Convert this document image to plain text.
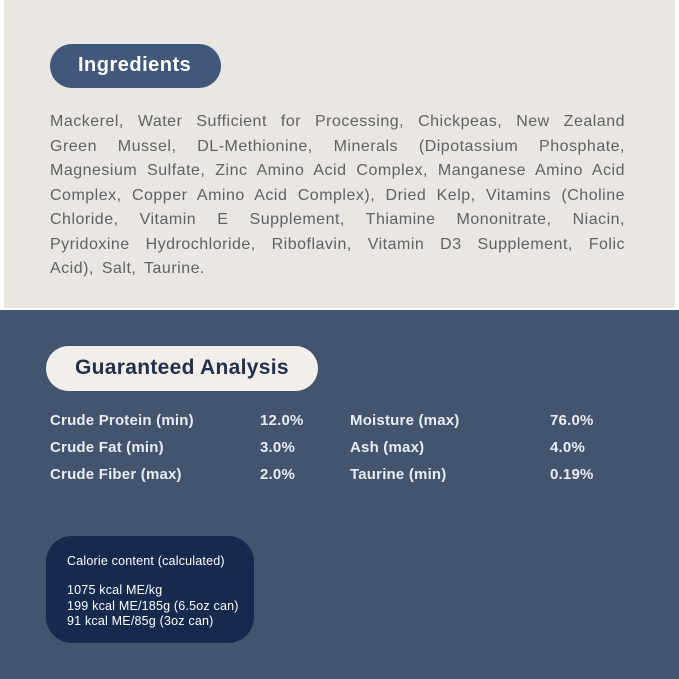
Ingredients

Mackerel, Water Sufficient for Processing, Chickpeas, New Zealand Green Mussel, DL-Methionine, Minerals (Dipotassium Phosphate, Magnesium Sulfate, Zinc Amino Acid Complex, Manganese Amino Acid Complex, Copper Amino Acid Complex), Dried Kelp, Vitamins (Choline Chloride, Vitamin E Supplement, Thiamine Mononitrate, Niacin, Pyridoxine Hydrochloride, Riboflavin, Vitamin D3 Supplement, Folic Acid), Salt, Taurine.

Guaranteed Analysis
Crude Protein (min)	12.0%	Moisture (max)	76.0%
Crude Fat (min)	3.0%	Ash (max)	4.0%
Crude Fiber (max)	2.0%	Taurine (min)	0.19%
Calorie content (calculated)
1075 kcal ME/kg
199 kcal ME/185g (6.5oz can)
91 kcal ME/85g (3oz can)
